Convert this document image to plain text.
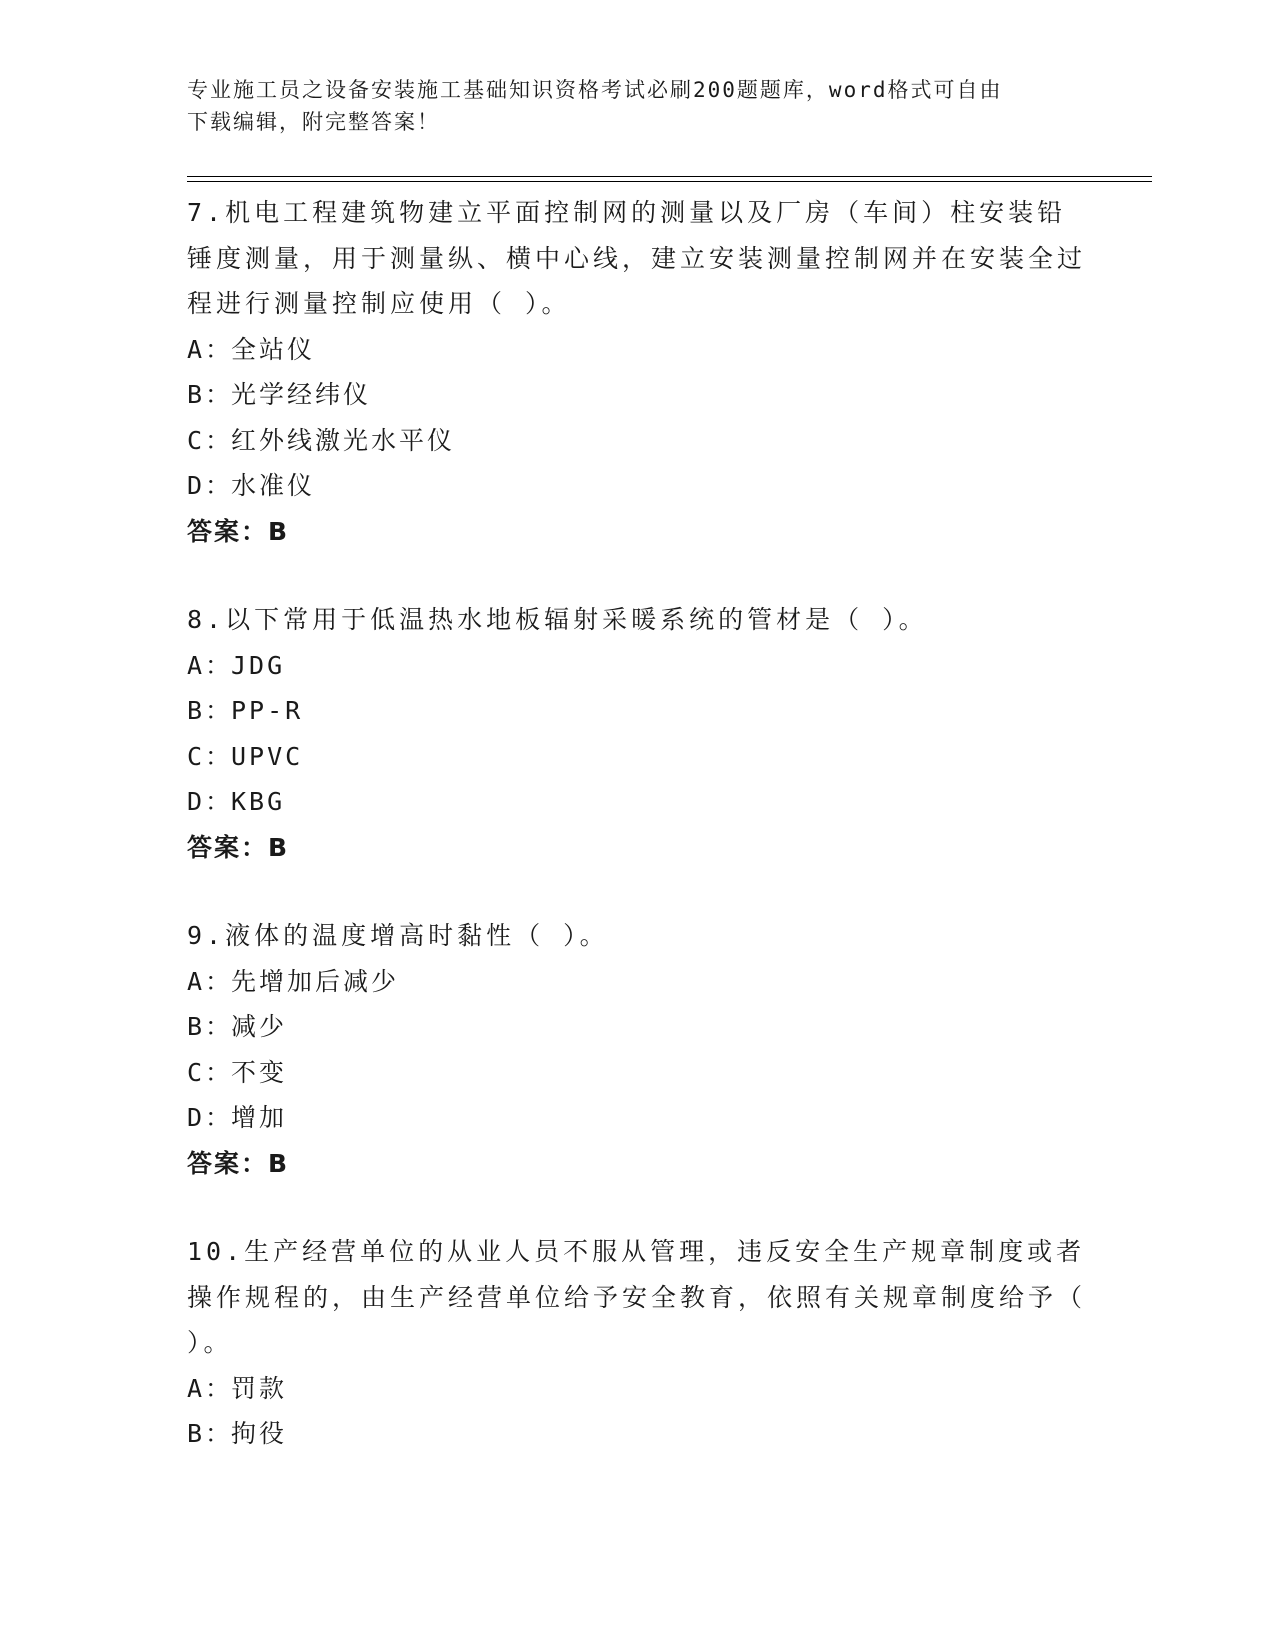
专业施工员之设备安装施工基础知识资格考试必刷200题题库，word格式可自由
下载编辑，附完整答案！

7.机电工程建筑物建立平面控制网的测量以及厂房（车间）柱安装铅锤度测量，用于测量纵、横中心线，建立安装测量控制网并在安装全过程进行测量控制应使用（ ）。

A：
全站仪
B：
光学经纬仪
C：
红外线激光水平仪
D：
水准仪
答案：B

8.以下常用于低温热水地板辐射采暖系统的管材是（ ）。

A：
JDG
B：
PP-R
C：
UPVC
D：
KBG
答案：B

9.液体的温度增高时黏性（ ）。

A：
先增加后减少
B：
减少
C：
不变
D：
增加
答案：B

10.生产经营单位的从业人员不服从管理，违反安全生产规章制度或者操作规程的，由生产经营单位给予安全教育，依照有关规章制度给予（ ）。

A：
罚款
B：
拘役
